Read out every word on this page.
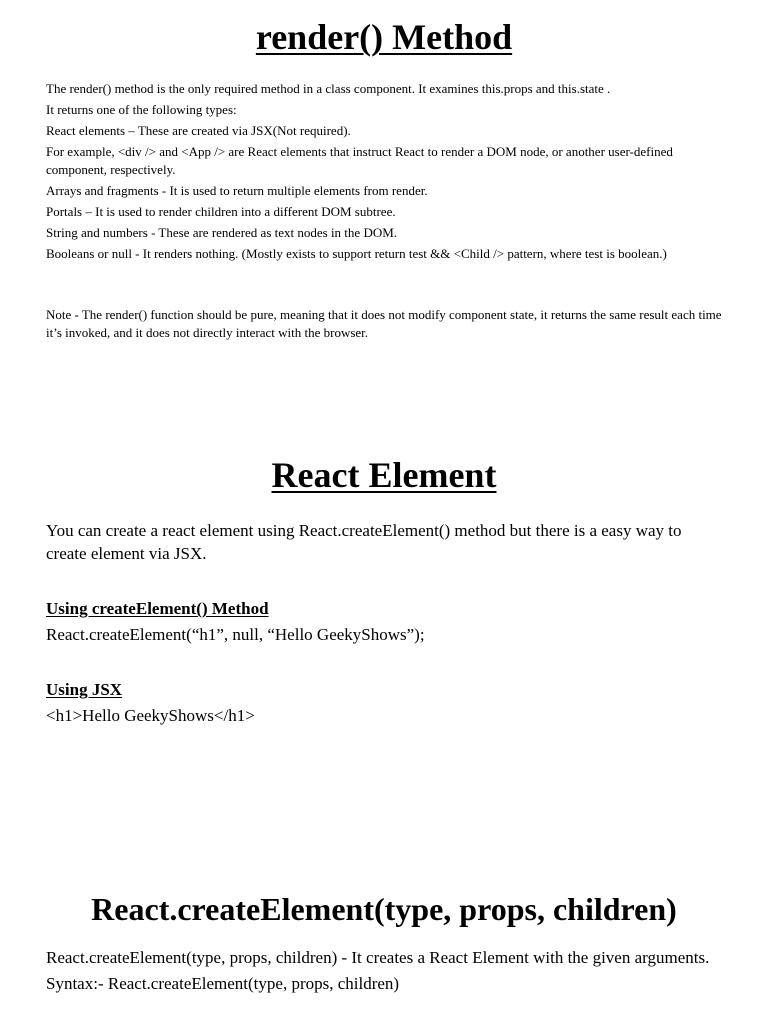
render() Method

The render() method is the only required method in a class component. It examines this.props and this.state .

It returns one of the following types:

React elements – These are created via JSX(Not required).

For example, <div /> and <App /> are React elements that instruct React to render a DOM node, or another user-defined component, respectively.

Arrays and fragments - It is used to return multiple elements from render.

Portals – It is used to render children into a different DOM subtree.

String and numbers - These are rendered as text nodes in the DOM.

Booleans or null - It renders nothing. (Mostly exists to support return test && <Child /> pattern, where test is boolean.)

Note - The render() function should be pure, meaning that it does not modify component state, it returns the same result each time it’s invoked, and it does not directly interact with the browser.

React Element

You can create a react element using React.createElement() method but there is a easy way to create element via JSX.

Using createElement() Method

React.createElement(“h1”, null, “Hello GeekyShows”);

Using JSX

<h1>Hello GeekyShows</h1>

React.createElement(type, props, children)

React.createElement(type, props, children) - It creates a React Element with the given arguments.

Syntax:- React.createElement(type, props, children)
